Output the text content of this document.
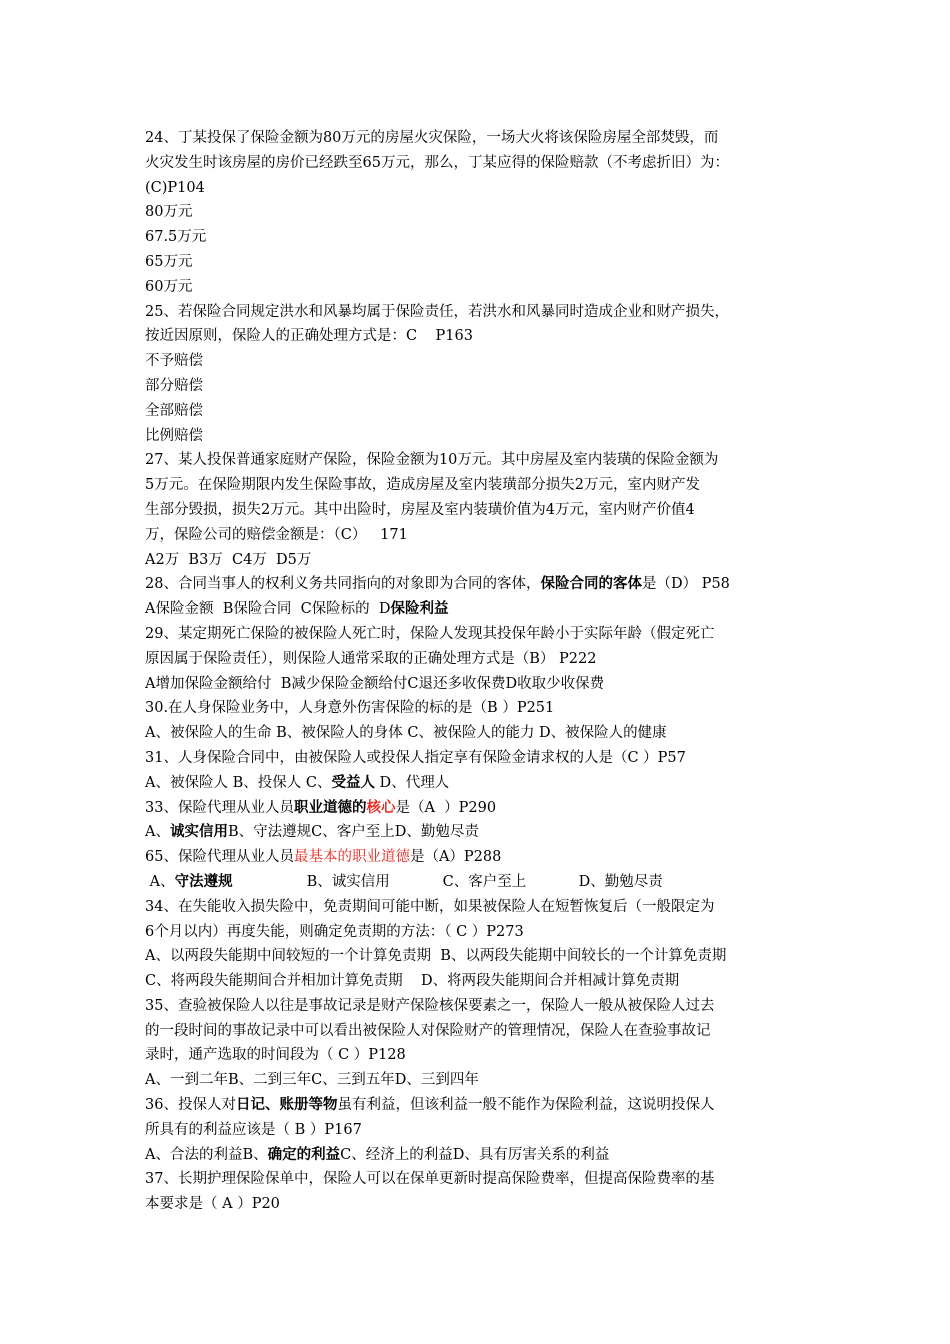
24、丁某投保了保险金额为80万元的房屋火灾保险，一场大火将该保险房屋全部焚毁，而
火灾发生时该房屋的房价已经跌至65万元，那么，丁某应得的保险赔款（不考虑折旧）为：
(C)P104
80万元
67.5万元
65万元
60万元
25、若保险合同规定洪水和风暴均属于保险责任，若洪水和风暴同时造成企业和财产损失，
按近因原则，保险人的正确处理方式是：C    P163
不予赔偿
部分赔偿
全部赔偿
比例赔偿
27、某人投保普通家庭财产保险，保险金额为10万元。其中房屋及室内装璜的保险金额为
5万元。在保险期限内发生保险事故，造成房屋及室内装璜部分损失2万元，室内财产发
生部分毁损，损失2万元。其中出险时，房屋及室内装璜价值为4万元，室内财产价值4
万，保险公司的赔偿金额是：（C）   171
A2万  B3万  C4万  D5万
28、合同当事人的权利义务共同指向的对象即为合同的客体，保险合同的客体是（D） P58
A保险金额  B保险合同  C保险标的  D保险利益
29、某定期死亡保险的被保险人死亡时，保险人发现其投保年龄小于实际年龄（假定死亡
原因属于保险责任），则保险人通常采取的正确处理方式是（B） P222
A增加保险金额给付  B减少保险金额给付C退还多收保费D收取少收保费
30.在人身保险业务中，人身意外伤害保险的标的是（B ）P251
A、被保险人的生命 B、被保险人的身体 C、被保险人的能力 D、被保险人的健康
31、人身保险合同中，由被保险人或投保人指定享有保险金请求权的人是（C ）P57
A、被保险人 B、投保人 C、受益人 D、代理人
33、保险代理从业人员职业道德的核心是（A  ）P290
A、诚实信用B、守法遵规C、客户至上D、勤勉尽责
65、保险代理从业人员最基本的职业道德是（A）P288
A、守法遵规	B、诚实信用	C、客户至上	D、勤勉尽责
34、在失能收入损失险中，免责期间可能中断，如果被保险人在短暂恢复后（一般限定为
6个月以内）再度失能，则确定免责期的方法：（ C ）P273
A、以两段失能期中间较短的一个计算免责期  B、以两段失能期中间较长的一个计算免责期
C、将两段失能期间合并相加计算免责期    D、将两段失能期间合并相减计算免责期
35、查验被保险人以往是事故记录是财产保险核保要素之一，保险人一般从被保险人过去
的一段时间的事故记录中可以看出被保险人对保险财产的管理情况，保险人在查验事故记
录时，通产选取的时间段为（ C ）P128
A、一到二年B、二到三年C、三到五年D、三到四年
36、投保人对日记、账册等物虽有利益，但该利益一般不能作为保险利益，这说明投保人
所具有的利益应该是（ B ）P167
A、合法的利益B、确定的利益C、经济上的利益D、具有厉害关系的利益
37、长期护理保险保单中，保险人可以在保单更新时提高保险费率，但提高保险费率的基
本要求是（ A ）P20
